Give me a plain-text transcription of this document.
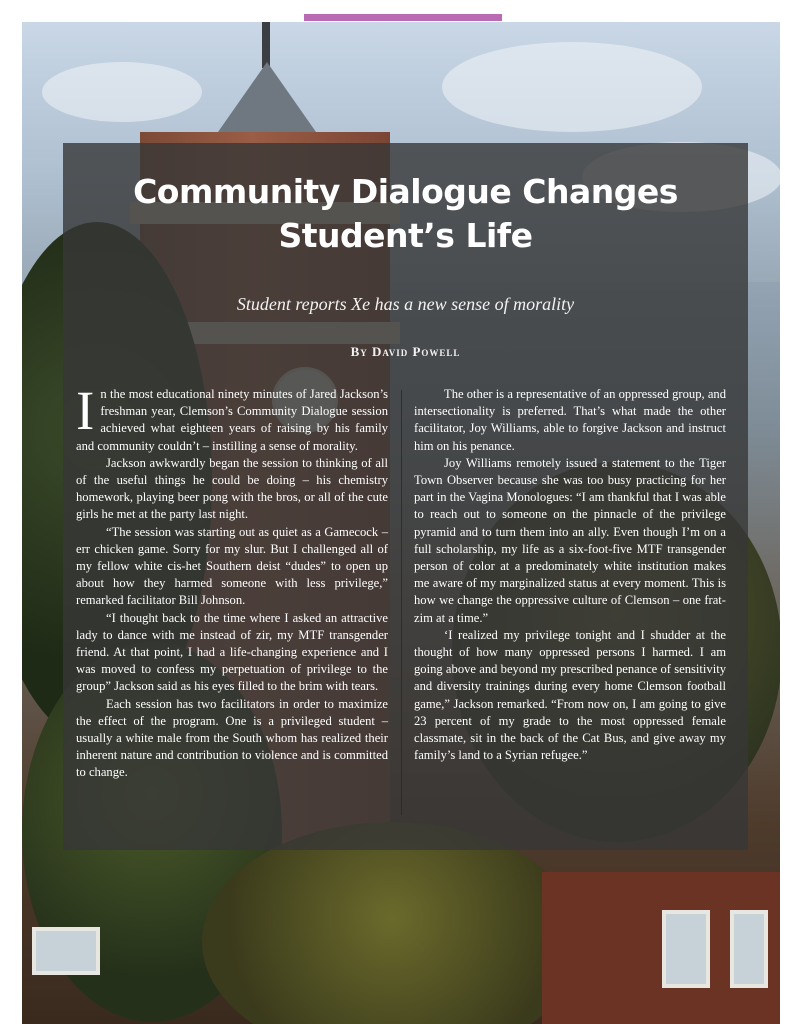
Community Dialogue Changes
Student’s Life

Student reports Xe has a new sense of morality

By David Powell

In the most educational ninety minutes of Jared Jackson’s freshman year, Clemson’s Community Dialogue session achieved what eighteen years of raising by his family and community couldn’t – instilling a sense of morality.

Jackson awkwardly began the session to thinking of all of the useful things he could be doing – his chemistry homework, playing beer pong with the bros, or all of the cute girls he met at the party last night.

“The session was starting out as quiet as a Gamecock – err chicken game. Sorry for my slur. But I challenged all of my fellow white cis-het Southern deist “dudes” to open up about how they harmed someone with less privilege,” remarked facilitator Bill Johnson.

“I thought back to the time where I asked an attractive lady to dance with me instead of zir, my MTF transgender friend. At that point, I had a life-changing experience and I was moved to confess my perpetuation of privilege to the group” Jackson said as his eyes filled to the brim with tears.

Each session has two facilitators in order to maximize the effect of the program. One is a privileged student – usually a white male from the South whom has realized their inherent nature and contribution to violence and is committed to change.

The other is a representative of an oppressed group, and intersectionality is preferred. That’s what made the other facilitator, Joy Williams, able to forgive Jackson and instruct him on his penance.

Joy Williams remotely issued a statement to the Tiger Town Observer because she was too busy practicing for her part in the Vagina Monologues: “I am thankful that I was able to reach out to someone on the pinnacle of the privilege pyramid and to turn them into an ally. Even though I’m on a full scholarship, my life as a six-foot-five MTF transgender person of color at a predominately white institution makes me aware of my marginalized status at every moment. This is how we change the oppressive culture of Clemson – one frat-zim at a time.”

‘I realized my privilege tonight and I shudder at the thought of how many oppressed persons I harmed. I am going above and beyond my prescribed penance of sensitivity and diversity trainings during every home Clemson football game,” Jackson remarked. “From now on, I am going to give 23 percent of my grade to the most oppressed female classmate, sit in the back of the Cat Bus, and give away my family’s land to a Syrian refugee.”
